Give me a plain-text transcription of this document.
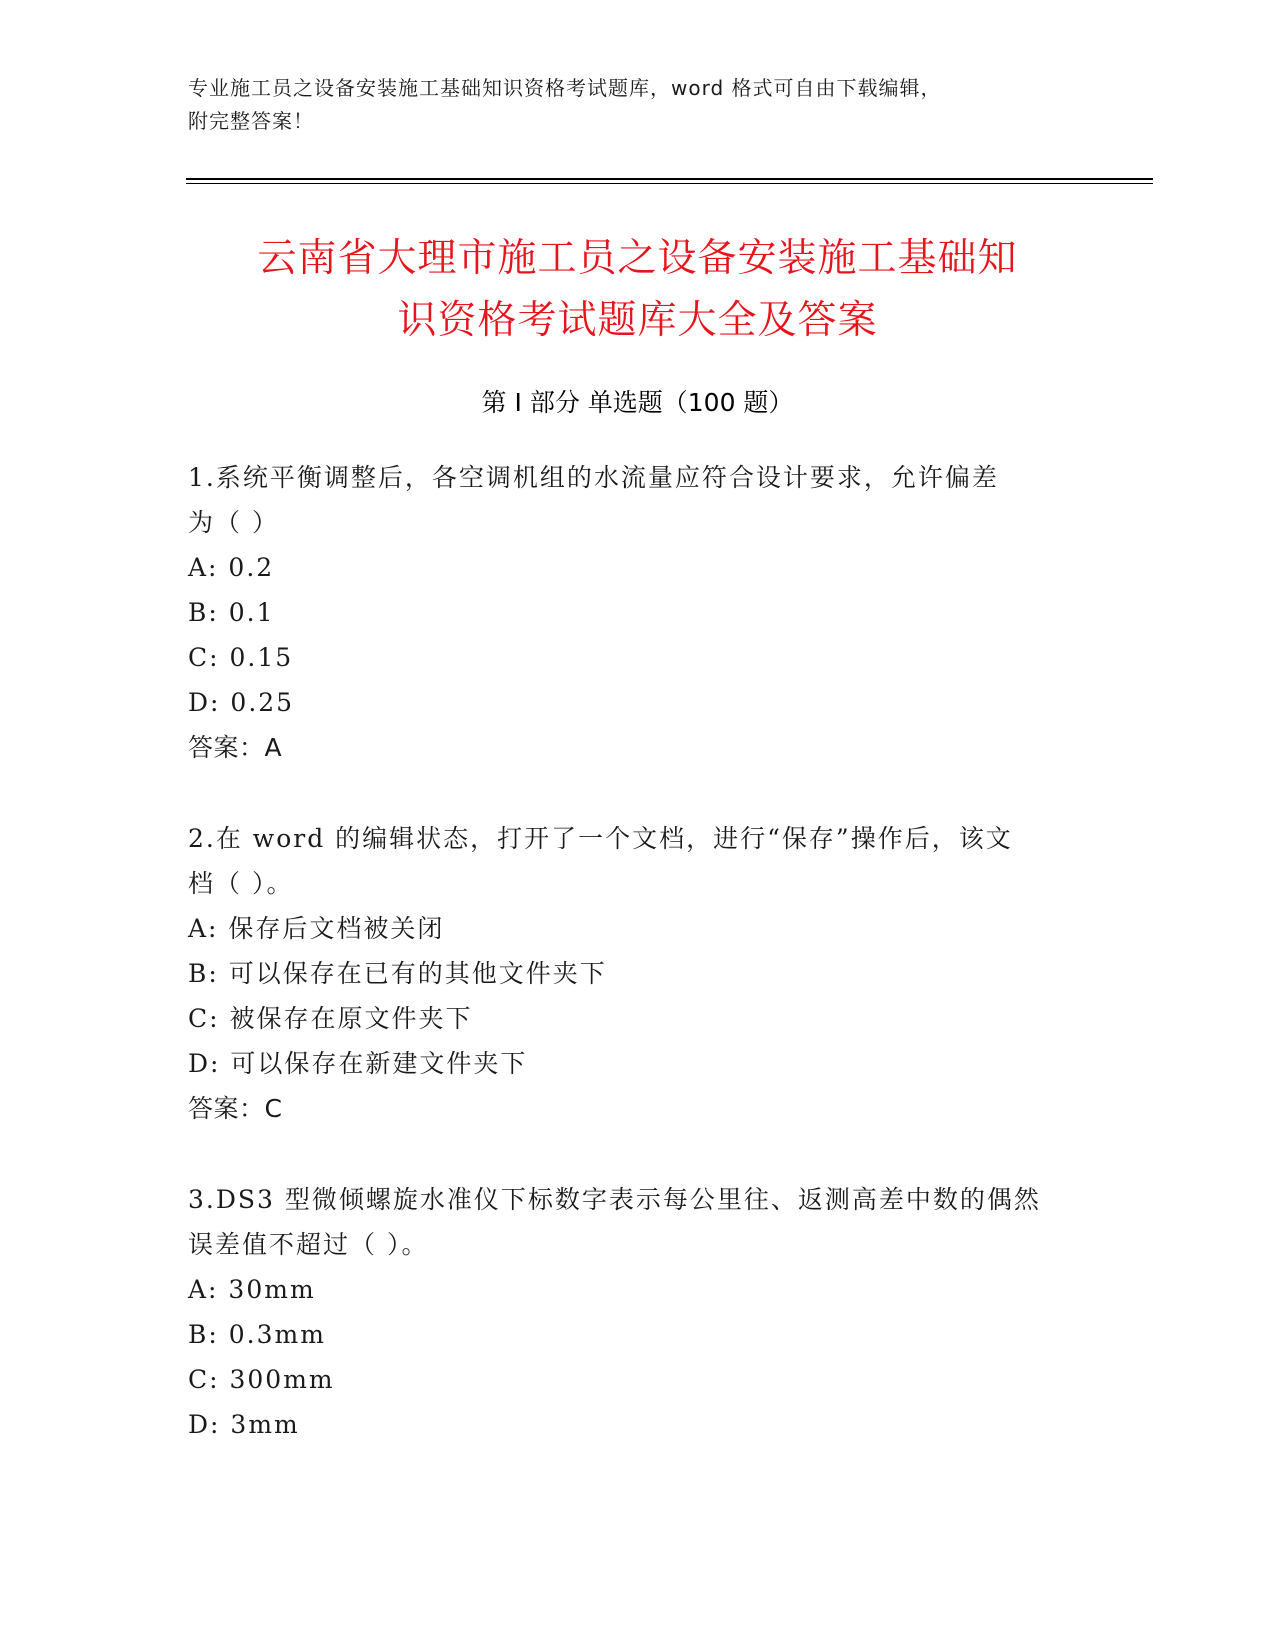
专业施工员之设备安装施工基础知识资格考试题库，word 格式可自由下载编辑，
附完整答案！
云南省大理市施工员之设备安装施工基础知
识资格考试题库大全及答案
第 I 部分 单选题（100 题）
1.系统平衡调整后，各空调机组的水流量应符合设计要求，允许偏差
为（ ）
A: 0.2
B: 0.1
C: 0.15
D: 0.25
答案：A
2.在 word 的编辑状态，打开了一个文档，进行“保存”操作后，该文
档（ ）。
A: 保存后文档被关闭
B: 可以保存在已有的其他文件夹下
C: 被保存在原文件夹下
D: 可以保存在新建文件夹下
答案：C
3.DS3 型微倾螺旋水准仪下标数字表示每公里往、返测高差中数的偶然
误差值不超过（ ）。
A: 30mm
B: 0.3mm
C: 300mm
D: 3mm
